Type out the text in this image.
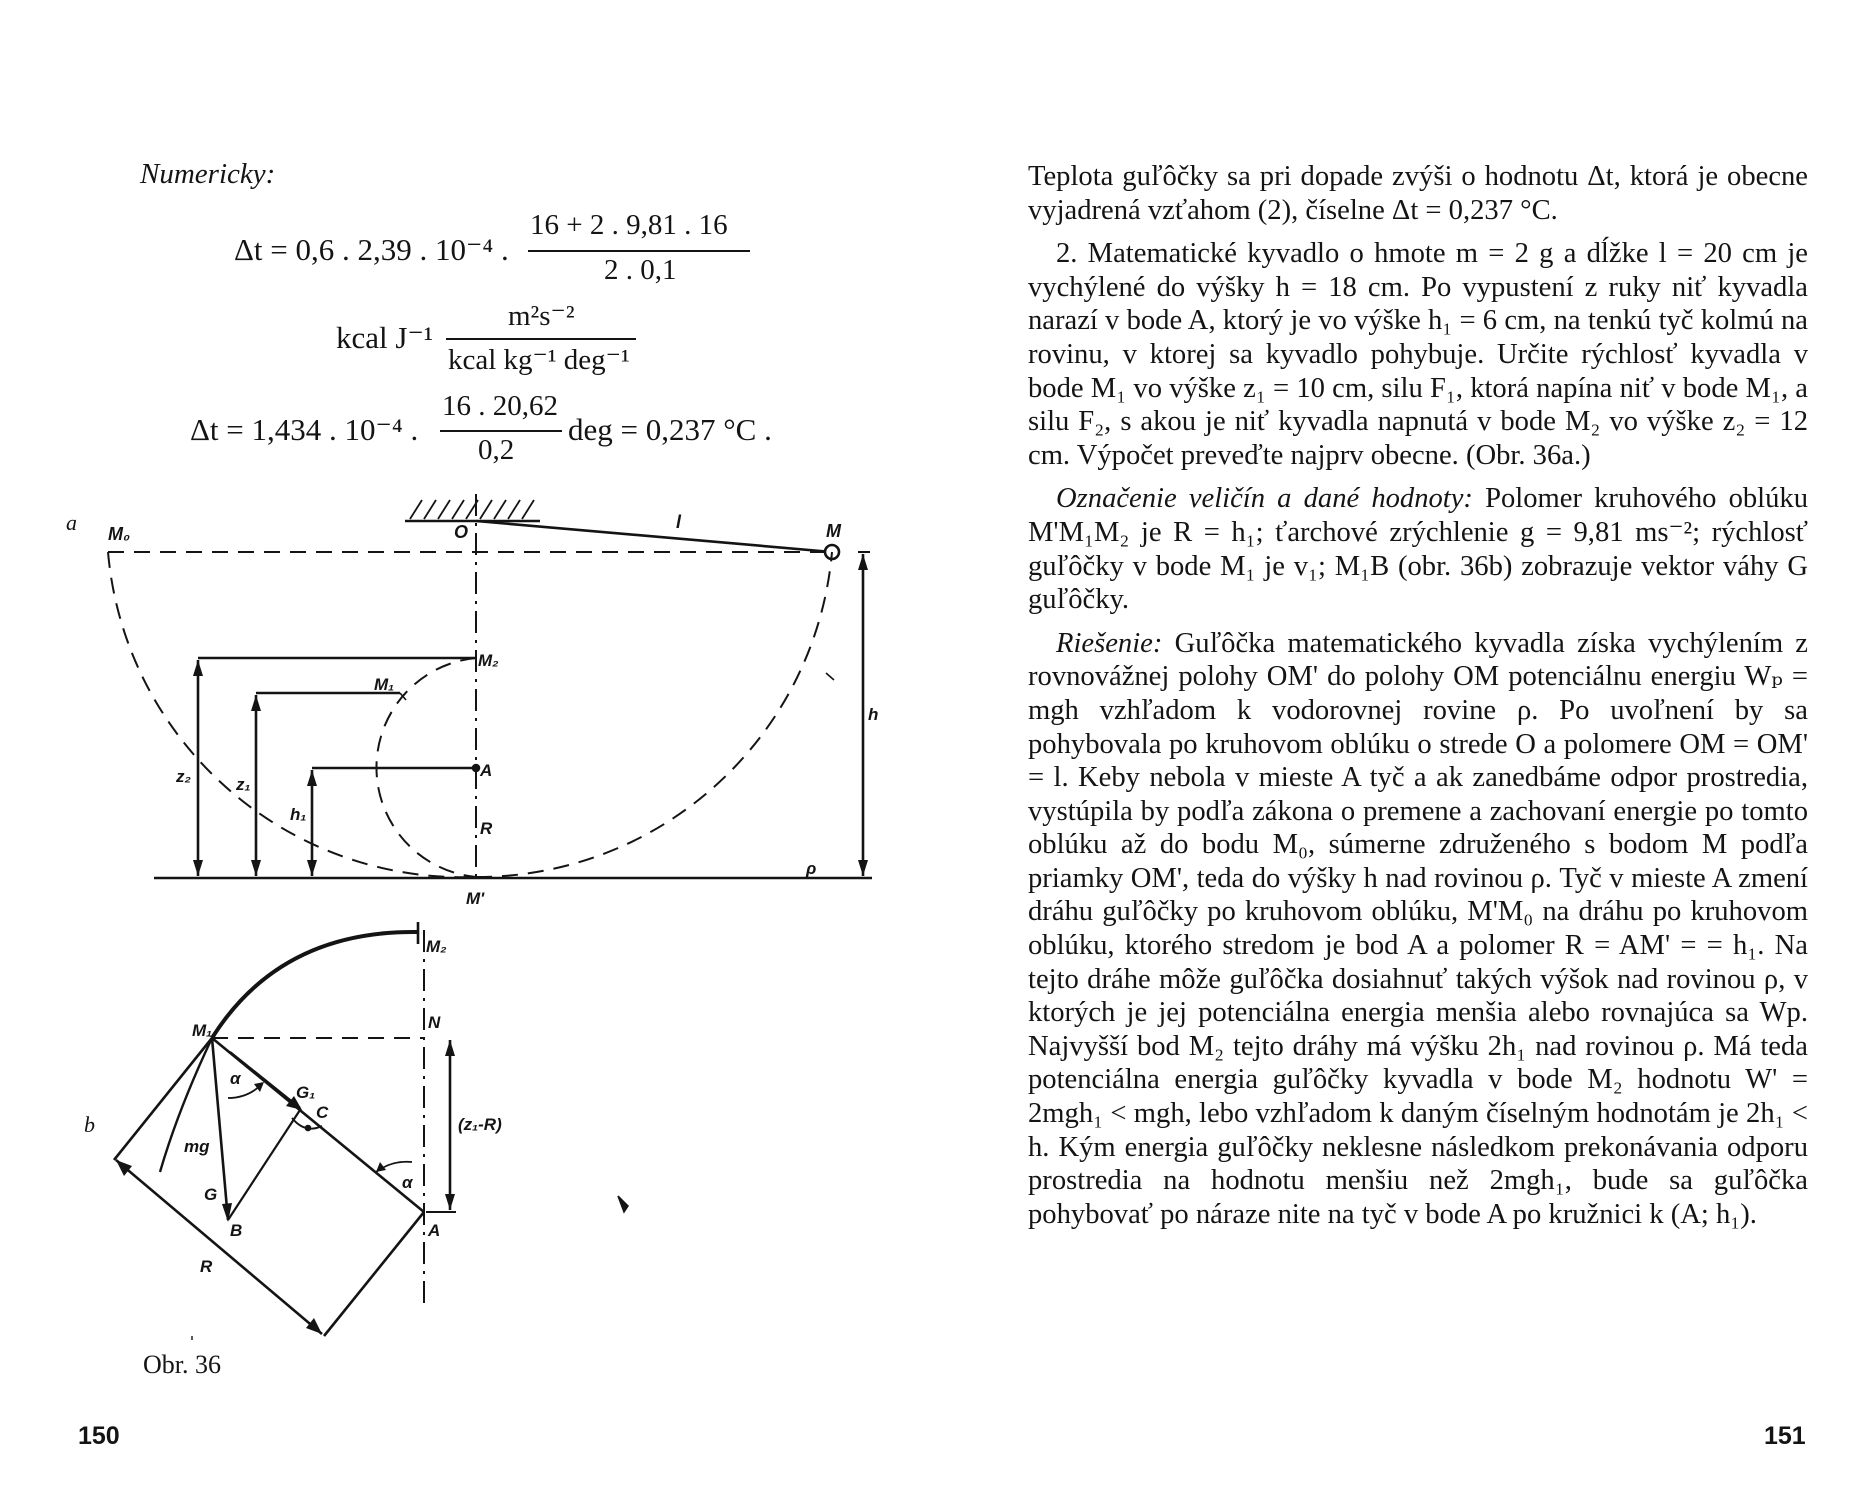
Numericky:
Δt = 0,6 . 2,39 . 10⁻⁴ .
16 + 2 . 9,81 . 16
2 . 0,1
kcal J⁻¹
m²s⁻²
kcal kg⁻¹ deg⁻¹
Δt = 1,434 . 10⁻⁴ .
16 . 20,62
0,2
deg = 0,237 °C .
a M₀	O	l	M
M₂
M₁
A
R
M'
z₂	z₁
h₁
h
ρ
b
M₂
M₁	N
α
G₁
C
mg
(z₁-R)
α
G
B	A
R
Obr. 36
150

Teplota guľôčky sa pri dopade zvýši o hodnotu Δt, ktorá je obecne vyjadrená vzťahom (2), číselne Δt = 0,237 °C.

2. Matematické kyvadlo o hmote m = 2 g a dĺžke l = 20 cm je vychýlené do výšky h = 18 cm. Po vypustení z ruky niť kyvadla narazí v bode A, ktorý je vo výške h₁ = 6 cm, na tenkú tyč kolmú na rovinu, v ktorej sa kyvadlo pohybuje. Určite rýchlosť kyvadla v bode M₁ vo výške z₁ = 10 cm, silu F₁, ktorá napína niť v bode M₁, a silu F₂, s akou je niť kyvadla napnutá v bode M₂ vo výške z₂ = 12 cm. Výpočet preveďte najprv obecne. (Obr. 36a.)

Označenie veličín a dané hodnoty: Polomer kruhového oblúku M'M₁M₂ je R = h₁; ťarchové zrýchlenie g = 9,81 ms⁻²; rýchlosť guľôčky v bode M₁ je v₁; M₁B (obr. 36b) zobrazuje vektor váhy G guľôčky.

Riešenie: Guľôčka matematického kyvadla získa vychýlením z rovnovážnej polohy OM' do polohy OM potenciálnu energiu Wₚ = mgh vzhľadom k vodorovnej rovine ρ. Po uvoľnení by sa pohybovala po kruhovom oblúku o strede O a polomere OM = OM' = l. Keby nebola v mieste A tyč a ak zanedbáme odpor prostredia, vystúpila by podľa zákona o premene a zachovaní energie po tomto oblúku až do bodu M₀, súmerne združeného s bodom M podľa priamky OM', teda do výšky h nad rovinou ρ. Tyč v mieste A zmení dráhu guľôčky po kruhovom oblúku, M'M₀ na dráhu po kruhovom oblúku, ktorého stredom je bod A a polomer R = AM' = = h₁. Na tejto dráhe môže guľôčka dosiahnuť takých výšok nad rovinou ρ, v ktorých je jej potenciálna energia menšia alebo rovnajúca sa Wp. Najvyšší bod M₂ tejto dráhy má výšku 2h₁ nad rovinou ρ. Má teda potenciálna energia guľôčky kyvadla v bode M₂ hodnotu W' = 2mgh₁ < mgh, lebo vzhľadom k daným číselným hodnotám je 2h₁ < h. Kým energia guľôčky neklesne následkom prekonávania odporu prostredia na hodnotu menšiu než 2mgh₁, bude sa guľôčka pohybovať po náraze nite na tyč v bode A po kružnici k (A; h₁).

151
